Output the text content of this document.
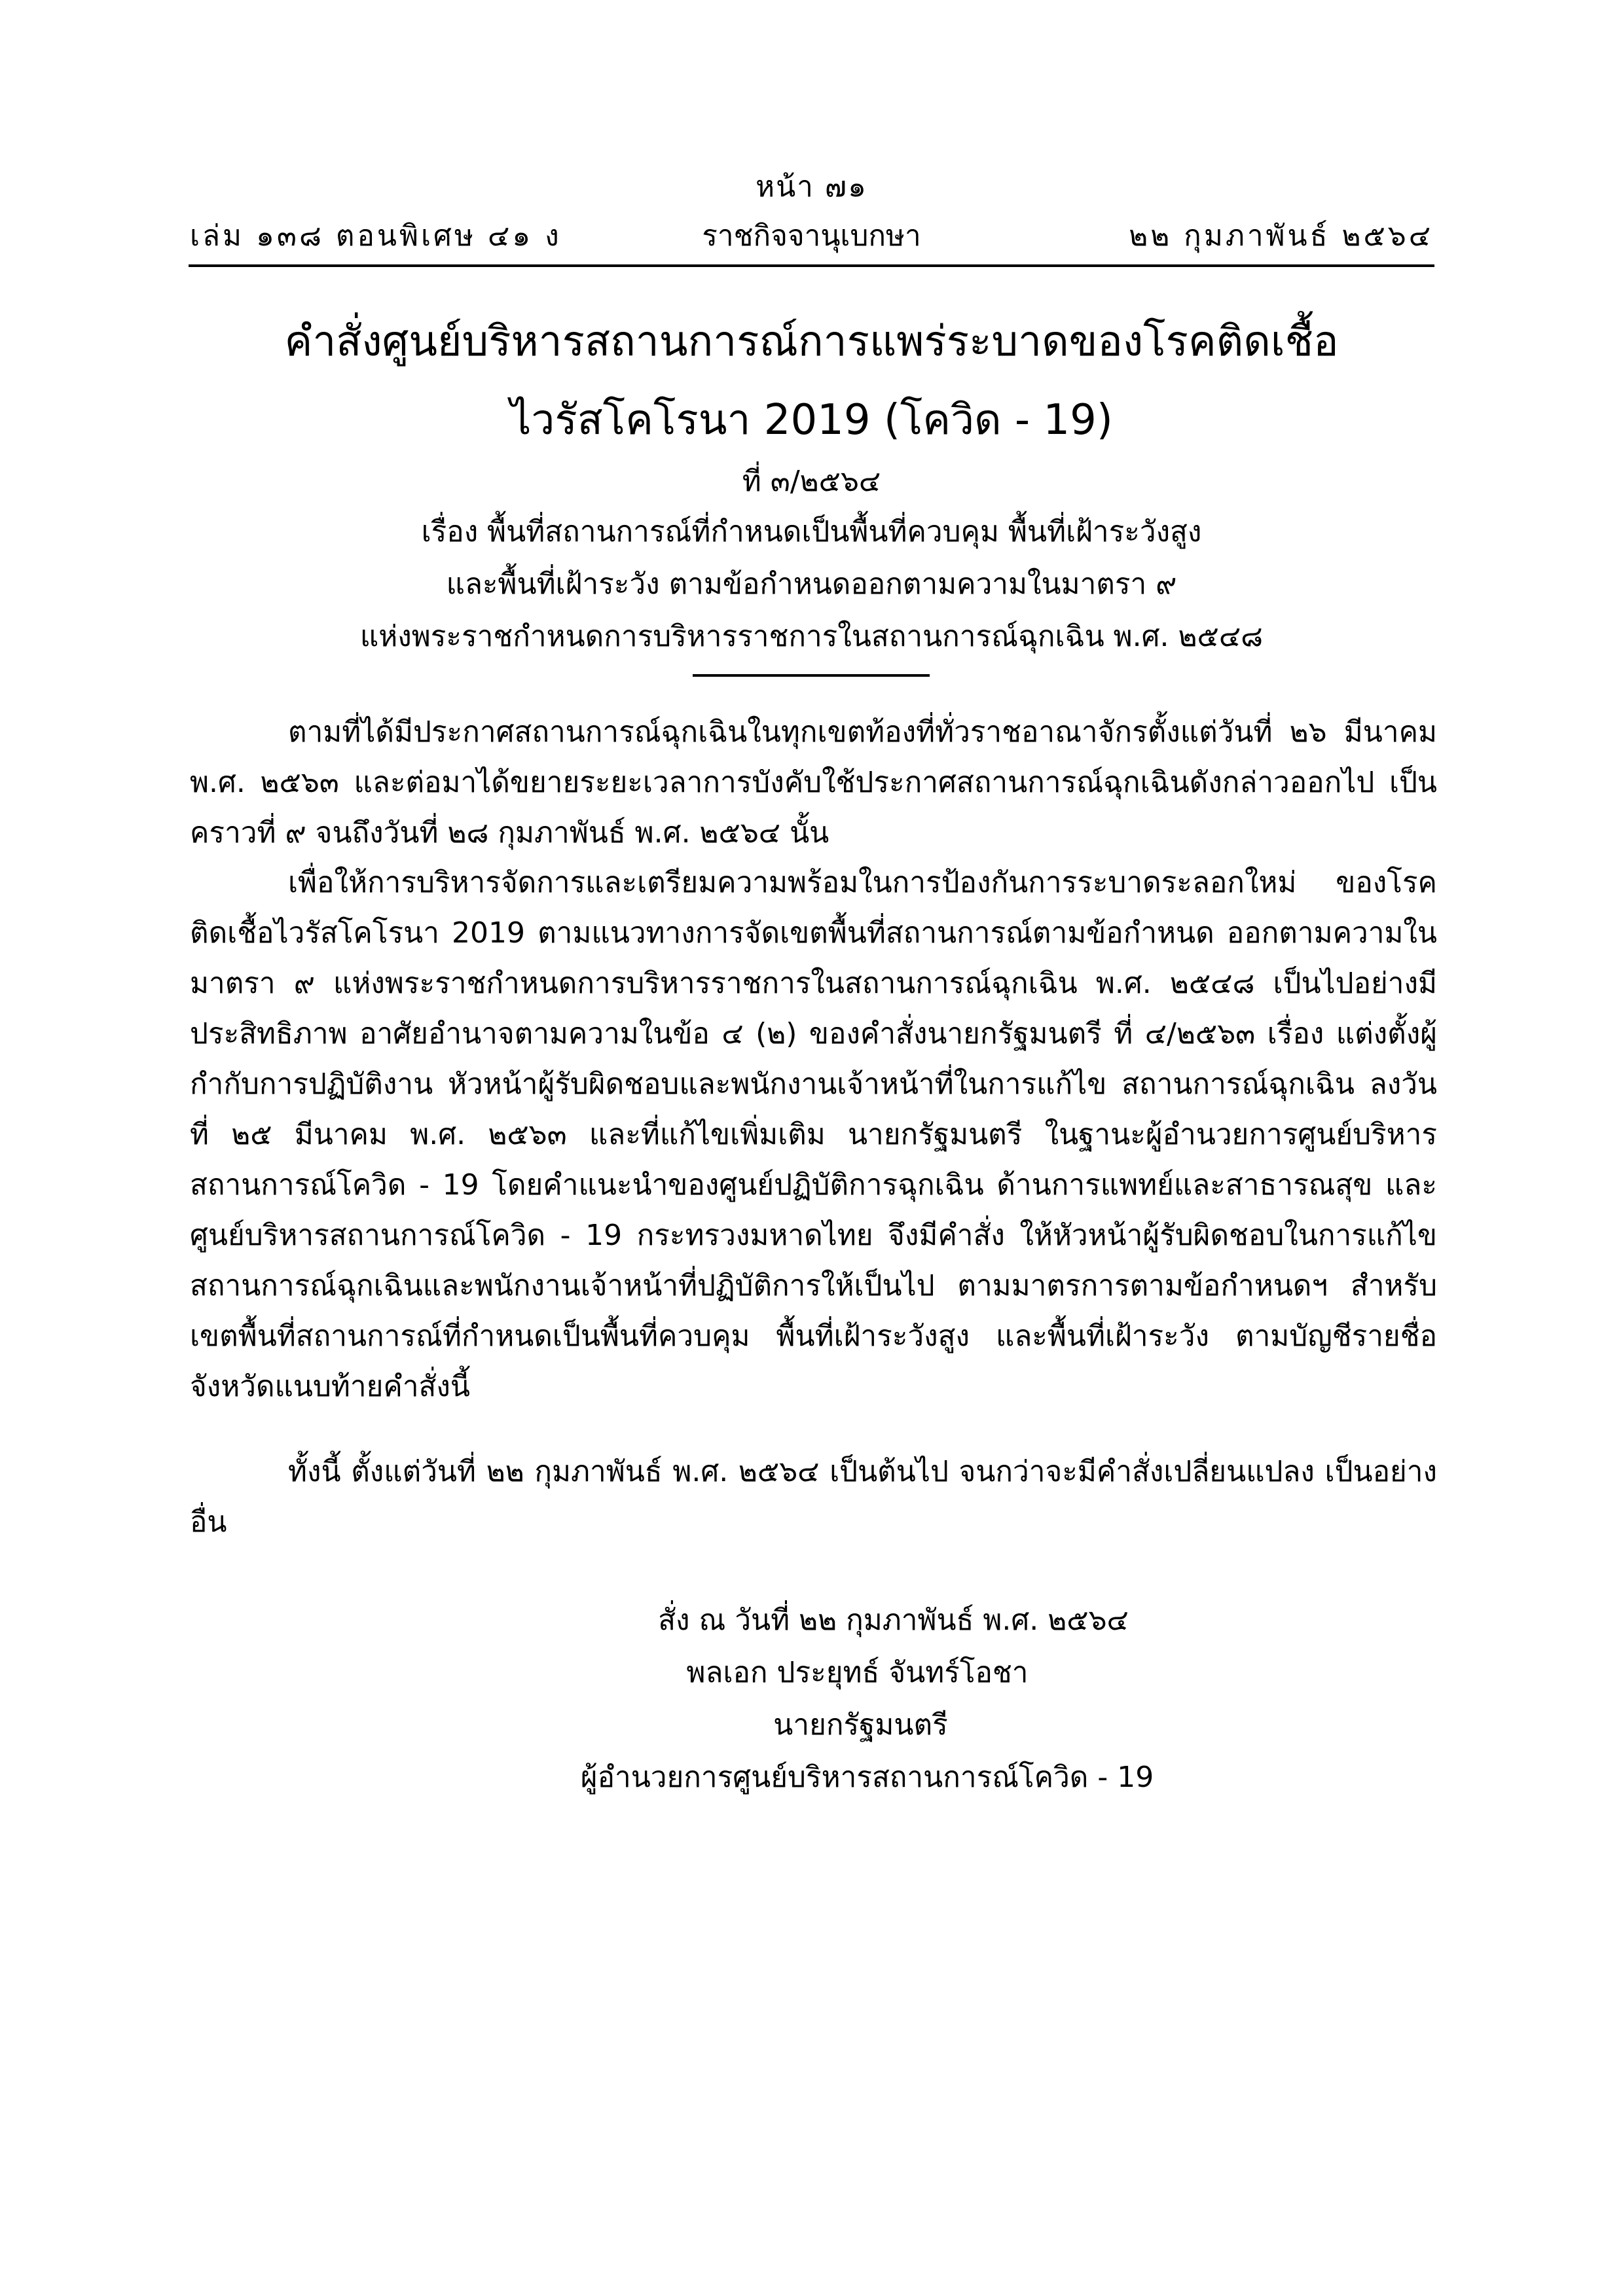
หน้า ๗๑
เล่ม ๑๓๘ ตอนพิเศษ ๔๑ ง	ราชกิจจานุเบกษา	๒๒ กุมภาพันธ์ ๒๕๖๔
คำสั่งศูนย์บริหารสถานการณ์การแพร่ระบาดของโรคติดเชื้อ
ไวรัสโคโรนา 2019 (โควิด - 19)
ที่ ๓/๒๕๖๔
เรื่อง พื้นที่สถานการณ์ที่กำหนดเป็นพื้นที่ควบคุม พื้นที่เฝ้าระวังสูง
และพื้นที่เฝ้าระวัง ตามข้อกำหนดออกตามความในมาตรา ๙
แห่งพระราชกำหนดการบริหารราชการในสถานการณ์ฉุกเฉิน พ.ศ. ๒๕๔๘
ตามที่ได้มีประกาศสถานการณ์ฉุกเฉินในทุกเขตท้องที่ทั่วราชอาณาจักรตั้งแต่วันที่ ๒๖ มีนาคม พ.ศ. ๒๕๖๓ และต่อมาได้ขยายระยะเวลาการบังคับใช้ประกาศสถานการณ์ฉุกเฉินดังกล่าวออกไป เป็นคราวที่ ๙ จนถึงวันที่ ๒๘ กุมภาพันธ์ พ.ศ. ๒๕๖๔ นั้น
เพื่อให้การบริหารจัดการและเตรียมความพร้อมในการป้องกันการระบาดระลอกใหม่ ของโรคติดเชื้อไวรัสโคโรนา 2019 ตามแนวทางการจัดเขตพื้นที่สถานการณ์ตามข้อกำหนด ออกตามความในมาตรา ๙ แห่งพระราชกำหนดการบริหารราชการในสถานการณ์ฉุกเฉิน พ.ศ. ๒๕๔๘ เป็นไปอย่างมีประสิทธิภาพ อาศัยอำนาจตามความในข้อ ๔ (๒) ของคำสั่งนายกรัฐมนตรี ที่ ๔/๒๕๖๓ เรื่อง แต่งตั้งผู้กำกับการปฏิบัติงาน หัวหน้าผู้รับผิดชอบและพนักงานเจ้าหน้าที่ในการแก้ไข สถานการณ์ฉุกเฉิน ลงวันที่ ๒๕ มีนาคม พ.ศ. ๒๕๖๓ และที่แก้ไขเพิ่มเติม นายกรัฐมนตรี ในฐานะผู้อำนวยการศูนย์บริหารสถานการณ์โควิด - 19 โดยคำแนะนำของศูนย์ปฏิบัติการฉุกเฉิน ด้านการแพทย์และสาธารณสุข และศูนย์บริหารสถานการณ์โควิด - 19 กระทรวงมหาดไทย จึงมีคำสั่ง ให้หัวหน้าผู้รับผิดชอบในการแก้ไขสถานการณ์ฉุกเฉินและพนักงานเจ้าหน้าที่ปฏิบัติการให้เป็นไป ตามมาตรการตามข้อกำหนดฯ สำหรับเขตพื้นที่สถานการณ์ที่กำหนดเป็นพื้นที่ควบคุม พื้นที่เฝ้าระวังสูง และพื้นที่เฝ้าระวัง ตามบัญชีรายชื่อจังหวัดแนบท้ายคำสั่งนี้
ทั้งนี้ ตั้งแต่วันที่ ๒๒ กุมภาพันธ์ พ.ศ. ๒๕๖๔ เป็นต้นไป จนกว่าจะมีคำสั่งเปลี่ยนแปลง เป็นอย่างอื่น
สั่ง ณ วันที่ ๒๒ กุมภาพันธ์ พ.ศ. ๒๕๖๔
พลเอก ประยุทธ์ จันทร์โอชา
นายกรัฐมนตรี
ผู้อำนวยการศูนย์บริหารสถานการณ์โควิด - 19
